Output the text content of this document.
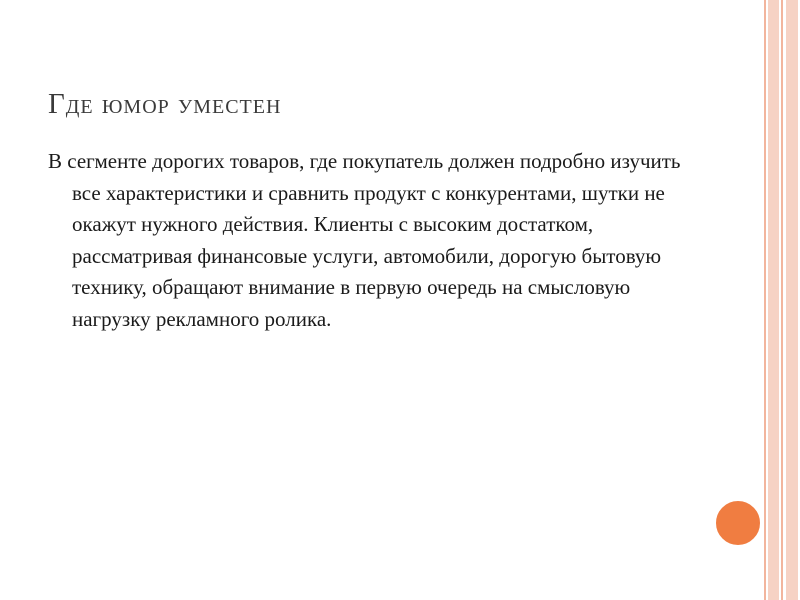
Где юмор уместен
В сегменте дорогих товаров, где покупатель должен подробно изучить все характеристики и сравнить продукт с конкурентами, шутки не окажут нужного действия. Клиенты с высоким достатком, рассматривая финансовые услуги, автомобили, дорогую бытовую технику, обращают внимание в первую очередь на смысловую нагрузку рекламного ролика.
